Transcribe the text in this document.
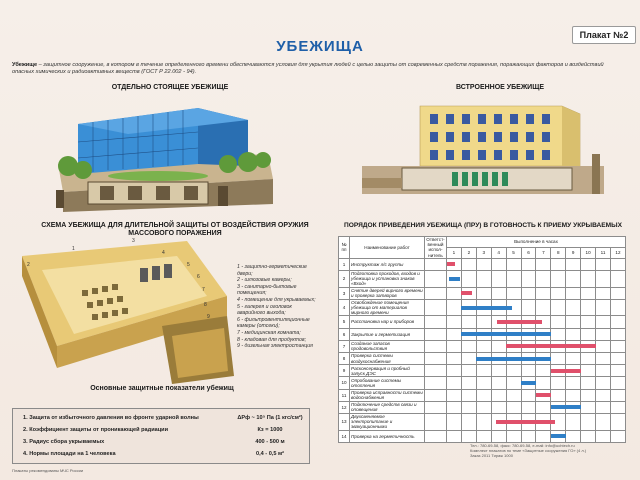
Плакат №2
УБЕЖИЩА
Убежище – защитное сооружение, в котором в течение определенного времени обеспечиваются условия для укрытия людей с целью защиты от современных средств поражения, поражающих факторов и воздействий опасных химических и радиоактивных веществ (ГОСТ Р 22.002 - 94).
ОТДЕЛЬНО СТОЯЩЕЕ УБЕЖИЩЕ	ВСТРОЕННОЕ УБЕЖИЩЕ
СХЕМА УБЕЖИЩА ДЛЯ ДЛИТЕЛЬНОЙ ЗАЩИТЫ ОТ ВОЗДЕЙСТВИЯ ОРУЖИЯ МАССОВОГО ПОРАЖЕНИЯ
ПОРЯДОК ПРИВЕДЕНИЯ УБЕЖИЩА (ПРУ) В ГОТОВНОСТЬ К ПРИЕМУ УКРЫВАЕМЫХ
2
1
3
4
5
6
7
8
9
1 - защитно-герметические
двери;
2 - шлюзовые камеры;
3 - санитарно-бытовые
помещения;
4 - помещение для укрываемых;
5 - галерея и оголовок
аварийного выхода;
6 - фильтровентиляционные
камеры (отсеки);
7 - медицинская комната;
8 - кладовая для продуктов;
9 - дизельная электростанция
Основные защитные показатели убежищ
1. Защита от избыточного давления во фронте ударной волны	ΔPф ~ 10⁵ Па (1 кгс/см²)
2. Коэффициент защиты от проникающей радиации	Кз = 1000
3. Радиус сбора укрываемых	400 - 500 м
4. Нормы площади на 1 человека	0,4 - 0,5 м²
Плакаты рекомендованы МЧС России
Тел.: 780-69-58, факс: 780-69-58, e-mail: info@uchtech.ru
Комплект плакатов по теме «Защитные сооружения ГО» (4 л.)
Заказ 2011 Тираж 1000
№ пп	Наименование работ	Ответст-венный испол-нитель	Выполнение в часах											
			1	2	3	4	5	6	7	8	9	10	11	12
1	Инструктаж л/с группы													
2	Подготовка проходов, входов и убежища и установка знаков «Вход»													
3	Снятие дверей вирного времени и проверка затворов													
4	Освобождение помещения убежища от материалов мирного времени													
5	Расстановка нар и приборов													
6	Закрытие и герметизация													
7	Создание запасов продовольствия													
8	Проверка системы воздухоснабжения													
9	Расконсервация и пробный запуск ДЭС													
10	Опробование системы отопления													
11	Проверка исправности системы водоснабжения													
12	Подключение средств связи и оповещения													
13	Двухсменяемое электропитание и эвакуационными													
14	Проверка на герметичность													
